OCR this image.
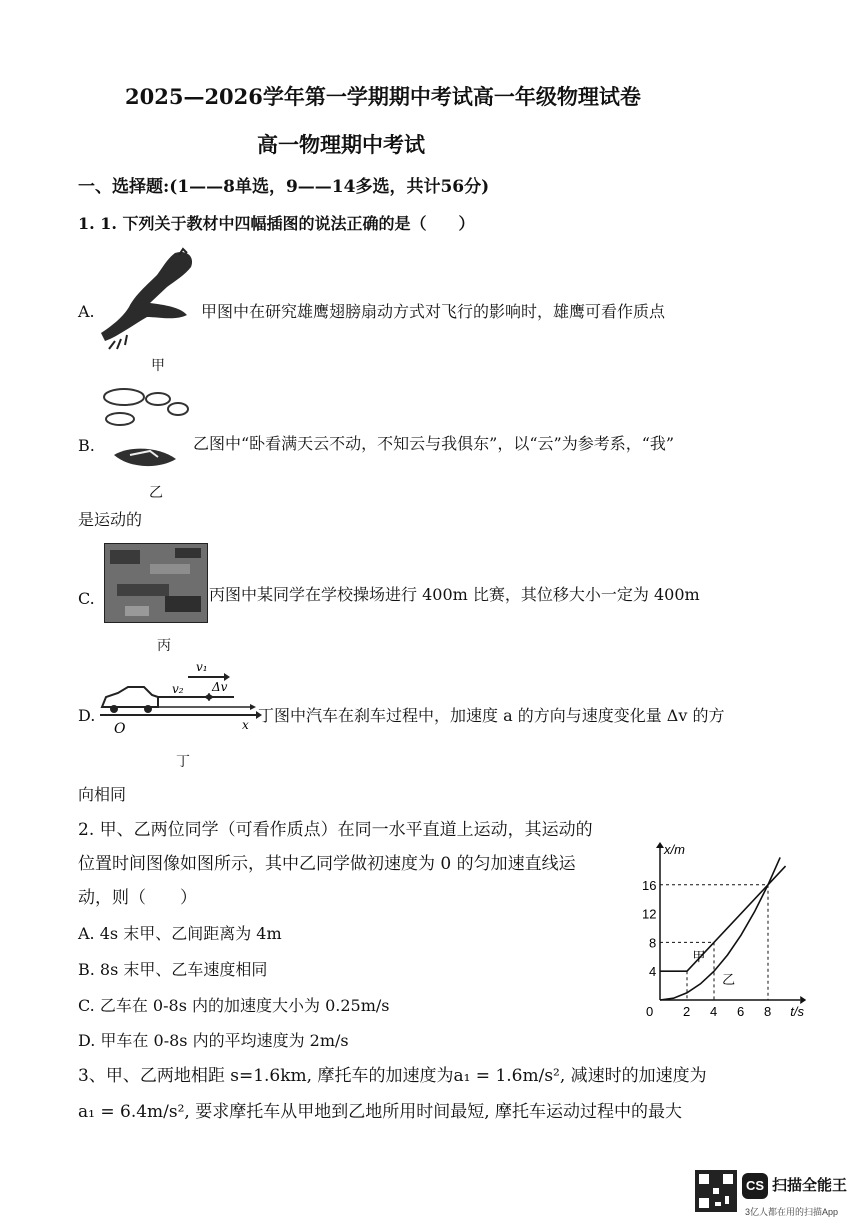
2025—2026学年第一学期期中考试高一年级物理试卷
高一物理期中考试
一、选择题:(1——8单选，9——14多选，共计56分)
1. 1. 下列关于教材中四幅插图的说法正确的是（　　）
A.
甲
甲图中在研究雄鹰翅膀扇动方式对飞行的影响时，雄鹰可看作质点
B.
乙
乙图中“卧看满天云不动，不知云与我俱东”，以“云”为参考系，“我”
是运动的
C.
丙
丙图中某同学在学校操场进行 400m 比赛，其位移大小一定为 400m
D.
v₁
v₂ Δv
O	x
丁
丁图中汽车在刹车过程中，加速度 a 的方向与速度变化量 Δv 的方
向相同
2. 甲、乙两位同学（可看作质点）在同一水平直道上运动，其运动的
位置时间图像如图所示，其中乙同学做初速度为 0 的匀加速直线运
动，则（　　）
A. 4s 末甲、乙间距离为 4m
B. 8s 末甲、乙车速度相同
C. 乙车在 0-8s 内的加速度大小为 0.25m/s
D. 甲车在 0-8s 内的平均速度为 2m/s
0 2 4 6 8
4
8
12
16
t/s
x/m
甲
乙
3、甲、乙两地相距 s=1.6km, 摩托车的加速度为a₁ = 1.6m/s², 减速时的加速度为
a₁ = 6.4m/s², 要求摩托车从甲地到乙地所用时间最短, 摩托车运动过程中的最大
CS 扫描全能王
3亿人都在用的扫描App
